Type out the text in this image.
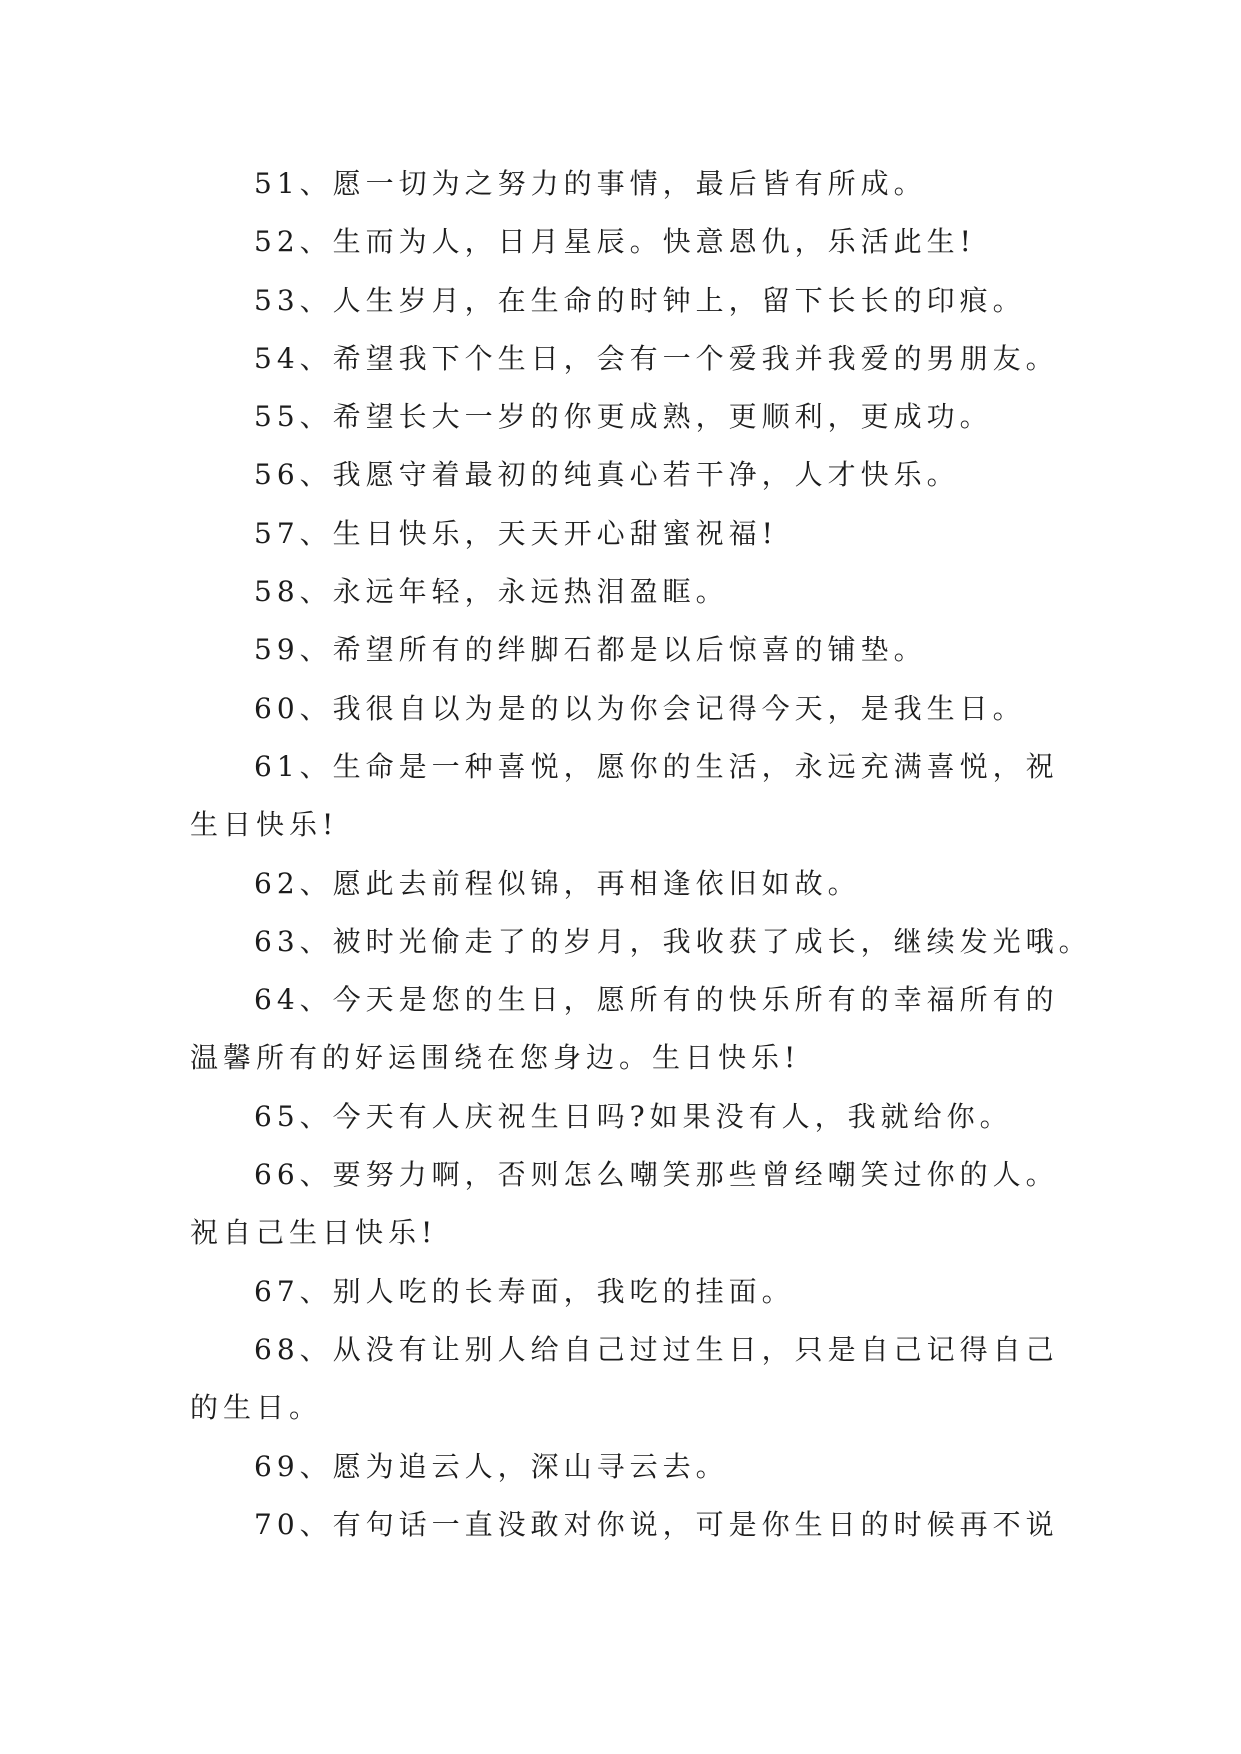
51、愿一切为之努力的事情，最后皆有所成。
52、生而为人，日月星辰。快意恩仇，乐活此生!
53、人生岁月，在生命的时钟上，留下长长的印痕。
54、希望我下个生日，会有一个爱我并我爱的男朋友。
55、希望长大一岁的你更成熟，更顺利，更成功。
56、我愿守着最初的纯真心若干净，人才快乐。
57、生日快乐，天天开心甜蜜祝福!
58、永远年轻，永远热泪盈眶。
59、希望所有的绊脚石都是以后惊喜的铺垫。
60、我很自以为是的以为你会记得今天，是我生日。
61、生命是一种喜悦，愿你的生活，永远充满喜悦，祝
生日快乐!
62、愿此去前程似锦，再相逢依旧如故。
63、被时光偷走了的岁月，我收获了成长，继续发光哦。
64、今天是您的生日，愿所有的快乐所有的幸福所有的
温馨所有的好运围绕在您身边。生日快乐!
65、今天有人庆祝生日吗?如果没有人，我就给你。
66、要努力啊，否则怎么嘲笑那些曾经嘲笑过你的人。
祝自己生日快乐!
67、别人吃的长寿面，我吃的挂面。
68、从没有让别人给自己过过生日，只是自己记得自己
的生日。
69、愿为追云人，深山寻云去。
70、有句话一直没敢对你说，可是你生日的时候再不说
